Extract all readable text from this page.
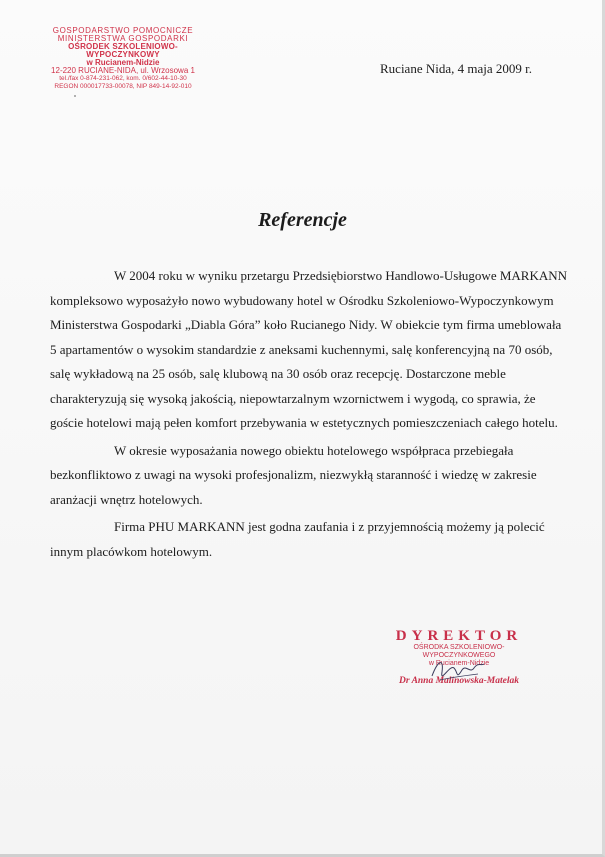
GOSPODARSTWO POMOCNICZE
MINISTERSTWA GOSPODARKI
OŚRODEK SZKOLENIOWO-WYPOCZYNKOWY
w Rucianem-Nidzie
12-220 RUCIANE-NIDA, ul. Wrzosowa 1
tel./fax 0-874-231-062, kom. 0/602-44-10-30
REGON 000017733-00078, NIP 849-14-92-010
Ruciane Nida, 4 maja 2009 r.
Referencje

W 2004 roku w wyniku przetargu Przedsiębiorstwo Handlowo-Usługowe MARKANN kompleksowo wyposażyło nowo wybudowany hotel w Ośrodku Szkoleniowo-Wypoczynkowym Ministerstwa Gospodarki „Diabla Góra” koło Rucianego Nidy. W obiekcie tym firma umeblowała 5 apartamentów o wysokim standardzie z aneksami kuchennymi, salę konferencyjną na 70 osób, salę wykładową na 25 osób, salę klubową na 30 osób oraz recepcję. Dostarczone meble charakteryzują się wysoką jakością, niepowtarzalnym wzornictwem i wygodą, co sprawia, że goście hotelowi mają pełen komfort przebywania w estetycznych pomieszczeniach całego hotelu.

W okresie wyposażania nowego obiektu hotelowego współpraca przebiegała bezkonfliktowo z uwagi na wysoki profesjonalizm, niezwykłą staranność i wiedzę w zakresie aranżacji wnętrz hotelowych.

Firma PHU MARKANN jest godna zaufania i z przyjemnością możemy ją polecić innym placówkom hotelowym.

DYREKTOR
OŚRODKA SZKOLENIOWO-WYPOCZYNKOWEGO
w Rucianem-Nidzie
Dr Anna Malinowska-Matelak
